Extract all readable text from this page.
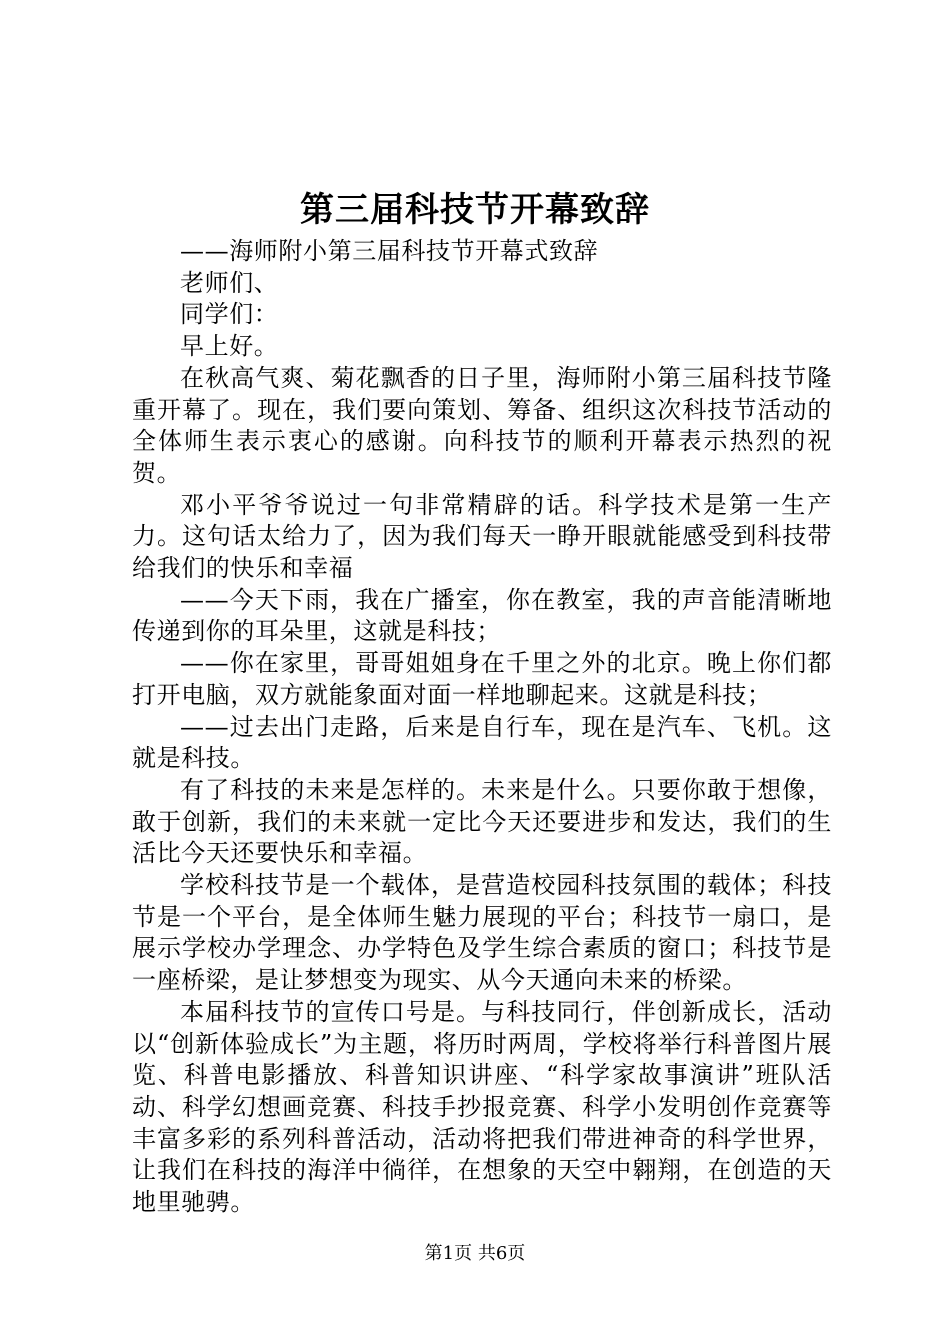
第三届科技节开幕致辞

——海师附小第三届科技节开幕式致辞

老师们、

同学们：

早上好。

在秋高气爽、菊花飘香的日子里，海师附小第三届科技节隆重开幕了。现在，我们要向策划、筹备、组织这次科技节活动的全体师生表示衷心的感谢。向科技节的顺利开幕表示热烈的祝贺。

邓小平爷爷说过一句非常精辟的话。科学技术是第一生产力。这句话太给力了，因为我们每天一睁开眼就能感受到科技带给我们的快乐和幸福

——今天下雨，我在广播室，你在教室，我的声音能清晰地传递到你的耳朵里，这就是科技；

——你在家里，哥哥姐姐身在千里之外的北京。晚上你们都打开电脑，双方就能象面对面一样地聊起来。这就是科技；

——过去出门走路，后来是自行车，现在是汽车、飞机。这就是科技。

有了科技的未来是怎样的。未来是什么。只要你敢于想像，敢于创新，我们的未来就一定比今天还要进步和发达，我们的生活比今天还要快乐和幸福。

学校科技节是一个载体，是营造校园科技氛围的载体；科技节是一个平台，是全体师生魅力展现的平台；科技节一扇口，是展示学校办学理念、办学特色及学生综合素质的窗口；科技节是一座桥梁，是让梦想变为现实、从今天通向未来的桥梁。

本届科技节的宣传口号是。与科技同行，伴创新成长，活动以“创新体验成长”为主题，将历时两周，学校将举行科普图片展览、科普电影播放、科普知识讲座、“科学家故事演讲”班队活动、科学幻想画竞赛、科技手抄报竞赛、科学小发明创作竞赛等丰富多彩的系列科普活动，活动将把我们带进神奇的科学世界，让我们在科技的海洋中徜徉，在想象的天空中翱翔，在创造的天地里驰骋。

第1页 共6页
